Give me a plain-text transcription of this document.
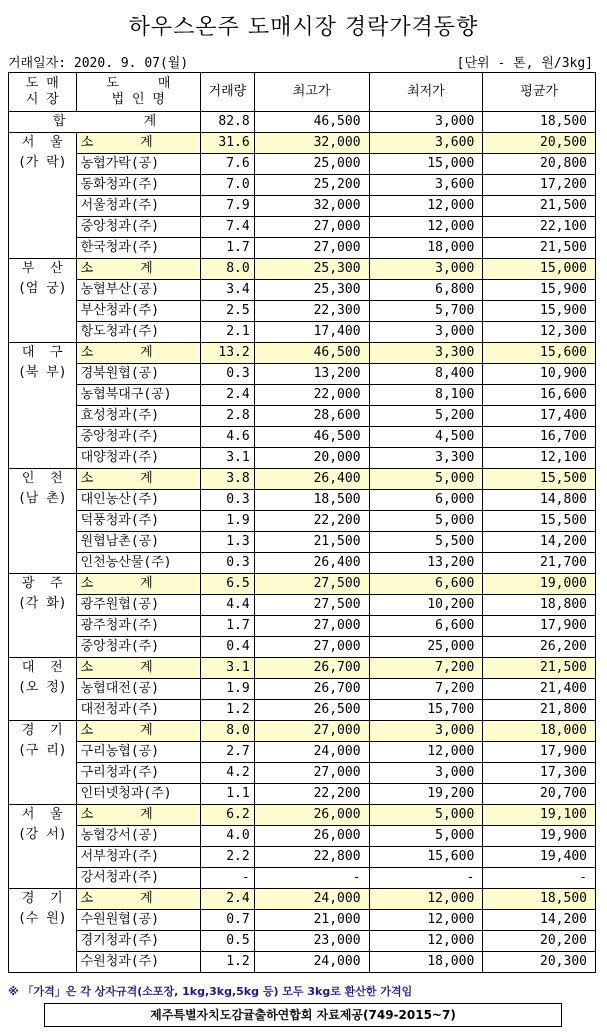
하우스온주 도매시장 경락가격동향
거래일자: 2020. 9. 07(월)	[단위 - 톤, 원/3kg]
도 매
시 장	도     매
법 인 명	거래량	최고가	최저가	평균가
합          계		82.8	46,500	3,000	18,500

서  울
(가 락)	소      계	31.6	32,000	3,600	20,500
	농협가락(공)	7.6	25,000	15,000	20,800
	동화청과(주)	7.0	25,200	3,600	17,200
	서울청과(주)	7.9	32,000	12,000	21,500
	중앙청과(주)	7.4	27,000	12,000	22,100
	한국청과(주)	1.7	27,000	18,000	21,500

부  산
(엄 궁)	소      계	8.0	25,300	3,000	15,000
	농협부산(공)	3.4	25,300	6,800	15,900
	부산청과(주)	2.5	22,300	5,700	15,900
	항도청과(주)	2.1	17,400	3,000	12,300

대  구
(북 부)	소      계	13.2	46,500	3,300	15,600
	경북원협(공)	0.3	13,200	8,400	10,900
	농협북대구(공)	2.4	22,000	8,100	16,600
	효성청과(주)	2.8	28,600	5,200	17,400
	중앙청과(주)	4.6	46,500	4,500	16,700
	대양청과(주)	3.1	20,000	3,300	12,100

인  천
(남 촌)	소      계	3.8	26,400	5,000	15,500
	대인농산(주)	0.3	18,500	6,000	14,800
	덕풍청과(주)	1.9	22,200	5,000	15,500
	원협남촌(공)	1.3	21,500	5,500	14,200
	인천농산물(주)	0.3	26,400	13,200	21,700

광  주
(각 화)	소      계	6.5	27,500	6,600	19,000
	광주원협(공)	4.4	27,500	10,200	18,800
	광주청과(주)	1.7	27,000	6,600	17,900
	중앙청과(주)	0.4	27,000	25,000	26,200

대  전
(오 정)	소      계	3.1	26,700	7,200	21,500
	농협대전(공)	1.9	26,700	7,200	21,400
	대전청과(주)	1.2	26,500	15,700	21,800

경  기
(구 리)	소      계	8.0	27,000	3,000	18,000
	구리농협(공)	2.7	24,000	12,000	17,900
	구리청과(주)	4.2	27,000	3,000	17,300
	인터넷청과(주)	1.1	22,200	19,200	20,700

서  울
(강 서)	소      계	6.2	26,000	5,000	19,100
	농협강서(공)	4.0	26,000	5,000	19,900
	서부청과(주)	2.2	22,800	15,600	19,400
	강서청과(주)	-	-	-	-

경  기
(수 원)	소      계	2.4	24,000	12,000	18,500
	수원원협(공)	0.7	21,000	12,000	14,200
	경기청과(주)	0.5	23,000	12,000	20,200
	수원청과(주)	1.2	24,000	18,000	20,300
※ 「가격」은 각 상자규격(소포장, 1kg,3kg,5kg 등) 모두 3kg로 환산한 가격임
제주특별자치도감귤출하연합회 자료제공(749-2015~7)
